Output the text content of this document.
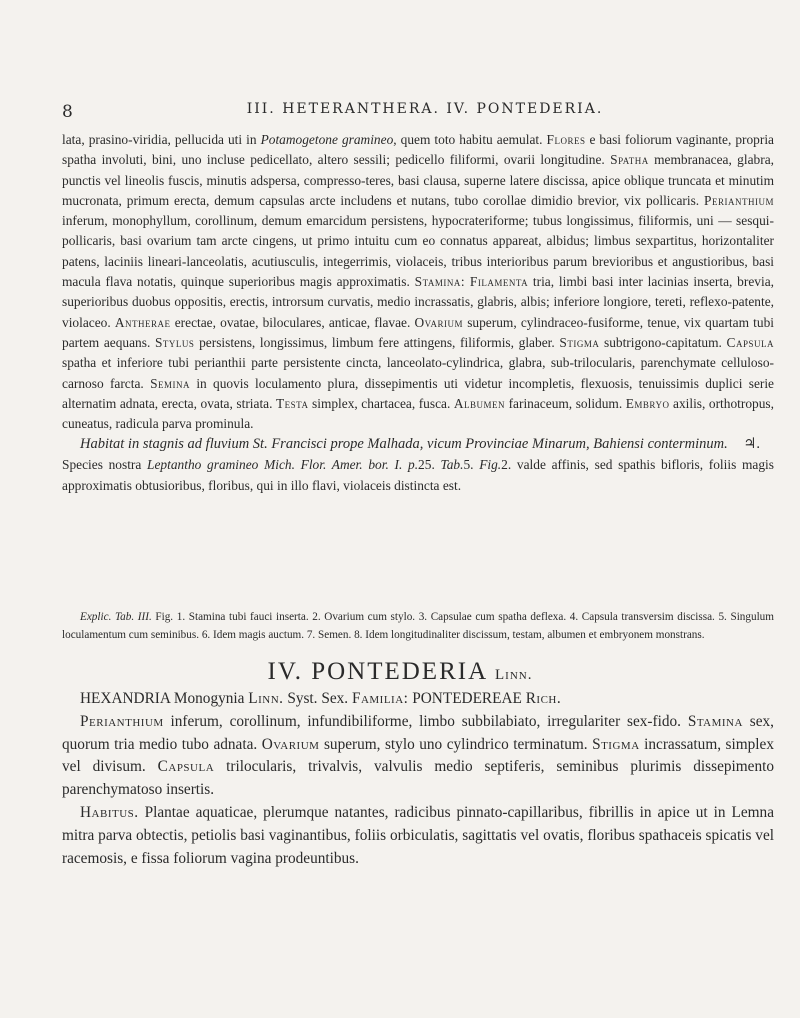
8	III. HETERANTHERA. IV. PONTEDERIA.

lata, prasino-viridia, pellucida uti in Potamogetone gramineo, quem toto habitu aemulat. Flores e basi foliorum vaginante, propria spatha involuti, bini, uno incluse pedicellato, altero sessili; pedicello filiformi, ovarii longitudine. Spatha membranacea, glabra, punctis vel lineolis fuscis, minutis adspersa, compresso-teres, basi clausa, superne latere discissa, apice oblique truncata et minutim mucronata, primum erecta, demum capsulas arcte includens et nutans, tubo corollae dimidio brevior, vix pollicaris. Perianthium inferum, monophyllum, corollinum, demum emarcidum persistens, hypocrateriforme; tubus longissimus, filiformis, uni — sesqui-pollicaris, basi ovarium tam arcte cingens, ut primo intuitu cum eo connatus appareat, albidus; limbus sexpartitus, horizontaliter patens, laciniis lineari-lanceolatis, acutiusculis, integerrimis, violaceis, tribus interioribus parum brevioribus et angustioribus, basi macula flava notatis, quinque superioribus magis approximatis. Stamina: Filamenta tria, limbi basi inter lacinias inserta, brevia, superioribus duobus oppositis, erectis, introrsum curvatis, medio incrassatis, glabris, albis; inferiore longiore, tereti, reflexo-patente, violaceo. Antherae erectae, ovatae, biloculares, anticae, flavae. Ovarium superum, cylindraceo-fusiforme, tenue, vix quartam tubi partem aequans. Stylus persistens, longissimus, limbum fere attingens, filiformis, glaber. Stigma subtrigono-capitatum. Capsula spatha et inferiore tubi perianthii parte persistente cincta, lanceolato-cylindrica, glabra, sub-trilocularis, parenchymate celluloso-carnoso farcta. Semina in quovis loculamento plura, dissepimentis uti videtur incompletis, flexuosis, tenuissimis duplici serie alternatim adnata, erecta, ovata, striata. Testa simplex, chartacea, fusca. Albumen farinaceum, solidum. Embryo axilis, orthotropus, cuneatus, radicula parva prominula.

Habitat in stagnis ad fluvium St. Francisci prope Malhada, vicum Provinciae Minarum, Bahiensi conterminum. ♃.

Species nostra Leptantho gramineo Mich. Flor. Amer. bor. I. p.25. Tab.5. Fig.2. valde affinis, sed spathis bifloris, foliis magis approximatis obtusioribus, floribus, qui in illo flavi, violaceis distincta est.

Explic. Tab. III. Fig. 1. Stamina tubi fauci inserta. 2. Ovarium cum stylo. 3. Capsulae cum spatha deflexa. 4. Capsula transversim discissa. 5. Singulum loculamentum cum seminibus. 6. Idem magis auctum. 7. Semen. 8. Idem longitudinaliter discissum, testam, albumen et embryonem monstrans.

IV. PONTEDERIA Linn.

HEXANDRIA Monogynia Linn. Syst. Sex. Familia: PONTEDEREAE Rich.

Perianthium inferum, corollinum, infundibiliforme, limbo subbilabiato, irregulariter sex-fido. Stamina sex, quorum tria medio tubo adnata. Ovarium superum, stylo uno cylindrico terminatum. Stigma incrassatum, simplex vel divisum. Capsula trilocularis, trivalvis, valvulis medio septiferis, seminibus plurimis dissepimento parenchymatoso insertis.

Habitus. Plantae aquaticae, plerumque natantes, radicibus pinnato-capillaribus, fibrillis in apice ut in Lemna mitra parva obtectis, petiolis basi vaginantibus, foliis orbiculatis, sagittatis vel ovatis, floribus spathaceis spicatis vel racemosis, e fissa foliorum vagina prodeuntibus.
